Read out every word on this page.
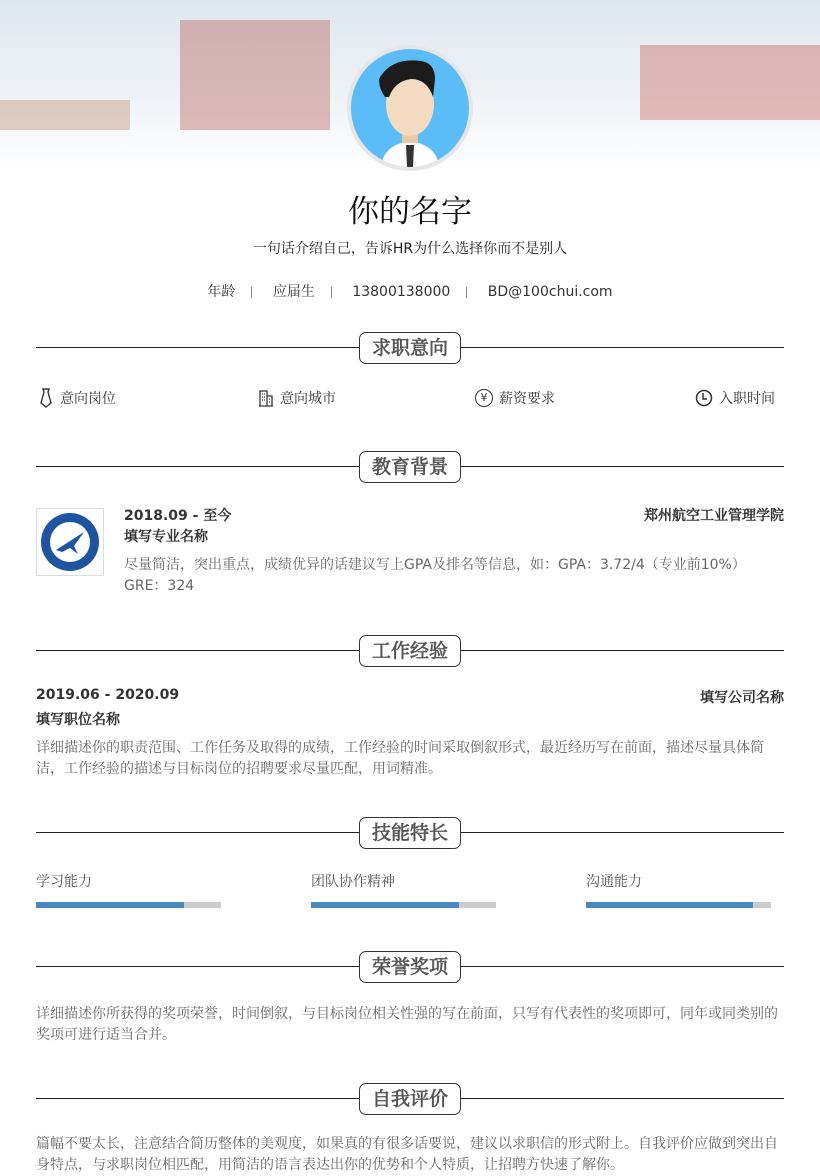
你的名字
一句话介绍自己，告诉HR为什么选择你而不是别人
年龄	应届生	13800138000	BD@100chui.com
求职意向
意向岗位	意向城市	¥ 薪资要求	入职时间
教育背景
2018.09 - 至今	郑州航空工业管理学院
填写专业名称
尽量简洁，突出重点，成绩优异的话建议写上GPA及排名等信息，如：GPA：3.72/4（专业前10%） GRE：324
工作经验
2019.06 - 2020.09	填写公司名称
填写职位名称
详细描述你的职责范围、工作任务及取得的成绩，工作经验的时间采取倒叙形式，最近经历写在前面，描述尽量具体简洁，工作经验的描述与目标岗位的招聘要求尽量匹配，用词精准。
技能特长
学习能力	团队协作精神	沟通能力
荣誉奖项
详细描述你所获得的奖项荣誉，时间倒叙，与目标岗位相关性强的写在前面，只写有代表性的奖项即可，同年或同类别的奖项可进行适当合并。
自我评价
篇幅不要太长，注意结合简历整体的美观度，如果真的有很多话要说，建议以求职信的形式附上。自我评价应做到突出自身特点，与求职岗位相匹配，用简洁的语言表达出你的优势和个人特质，让招聘方快速了解你。
